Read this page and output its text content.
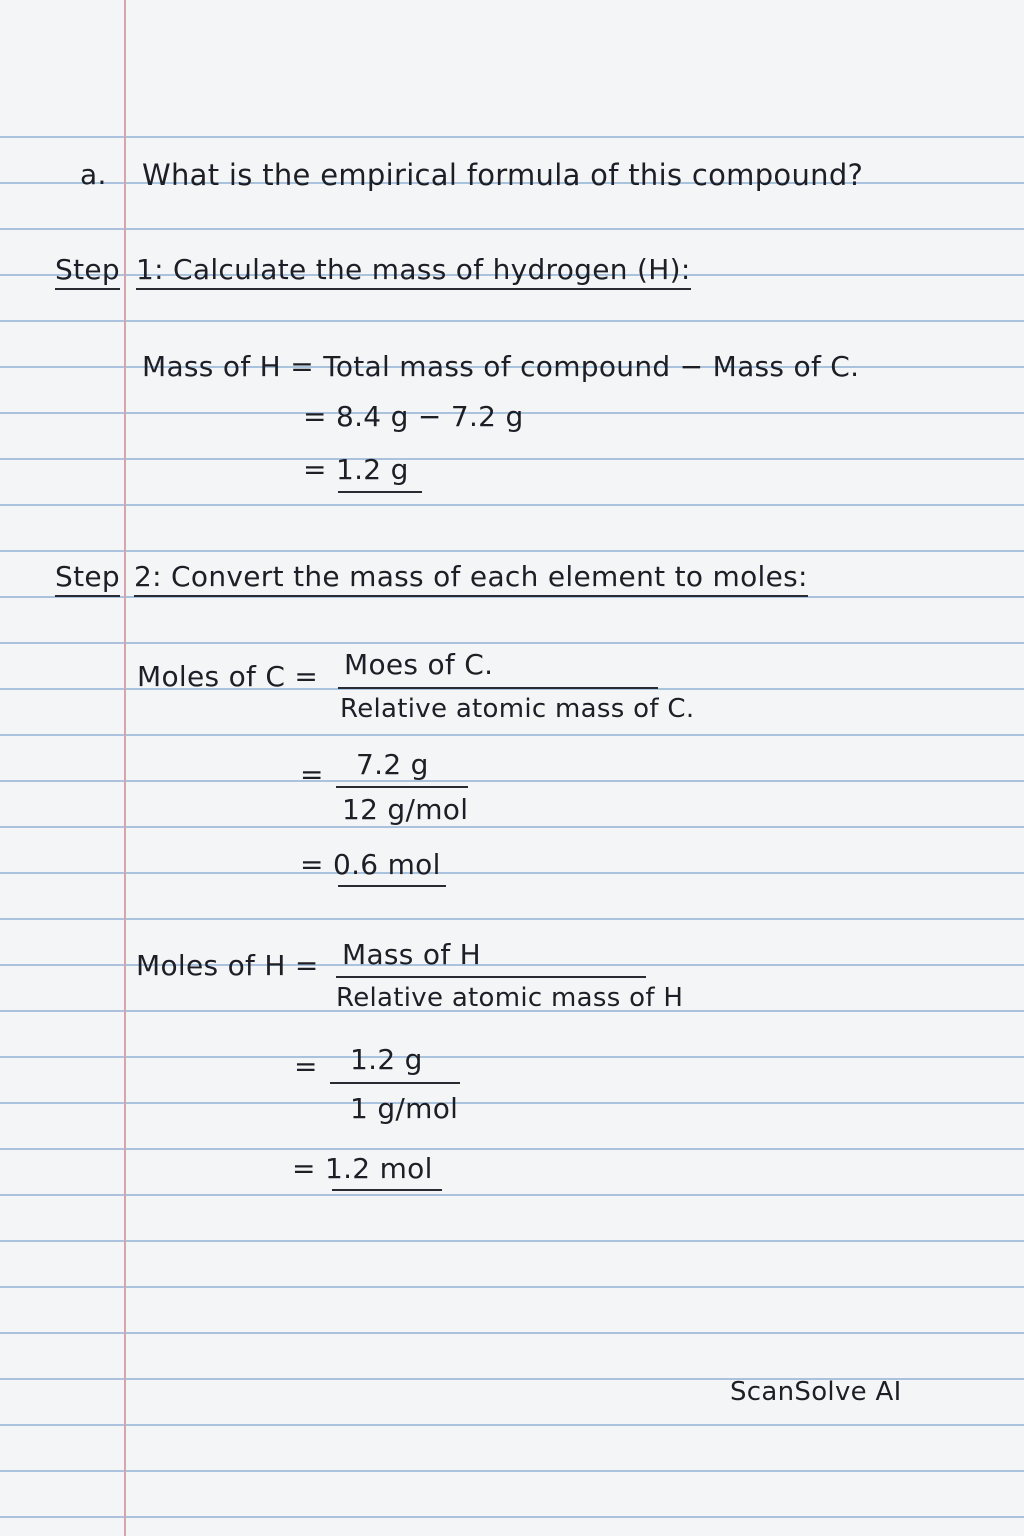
a. What is the empirical formula of this compound?
Step 1: Calculate the mass of hydrogen (H):
Mass of H = Total mass of compound − Mass of C.
= 8.4 g − 7.2 g
= 1.2 g
Step 2: Convert the mass of each element to moles:
Moles of C = Moes of C.
Relative atomic mass of C.
= 7.2 g
12 g/mol
= 0.6 mol
Moles of H = Mass of H
Relative atomic mass of H
= 1.2 g
1 g/mol
= 1.2 mol
ScanSolve AI
